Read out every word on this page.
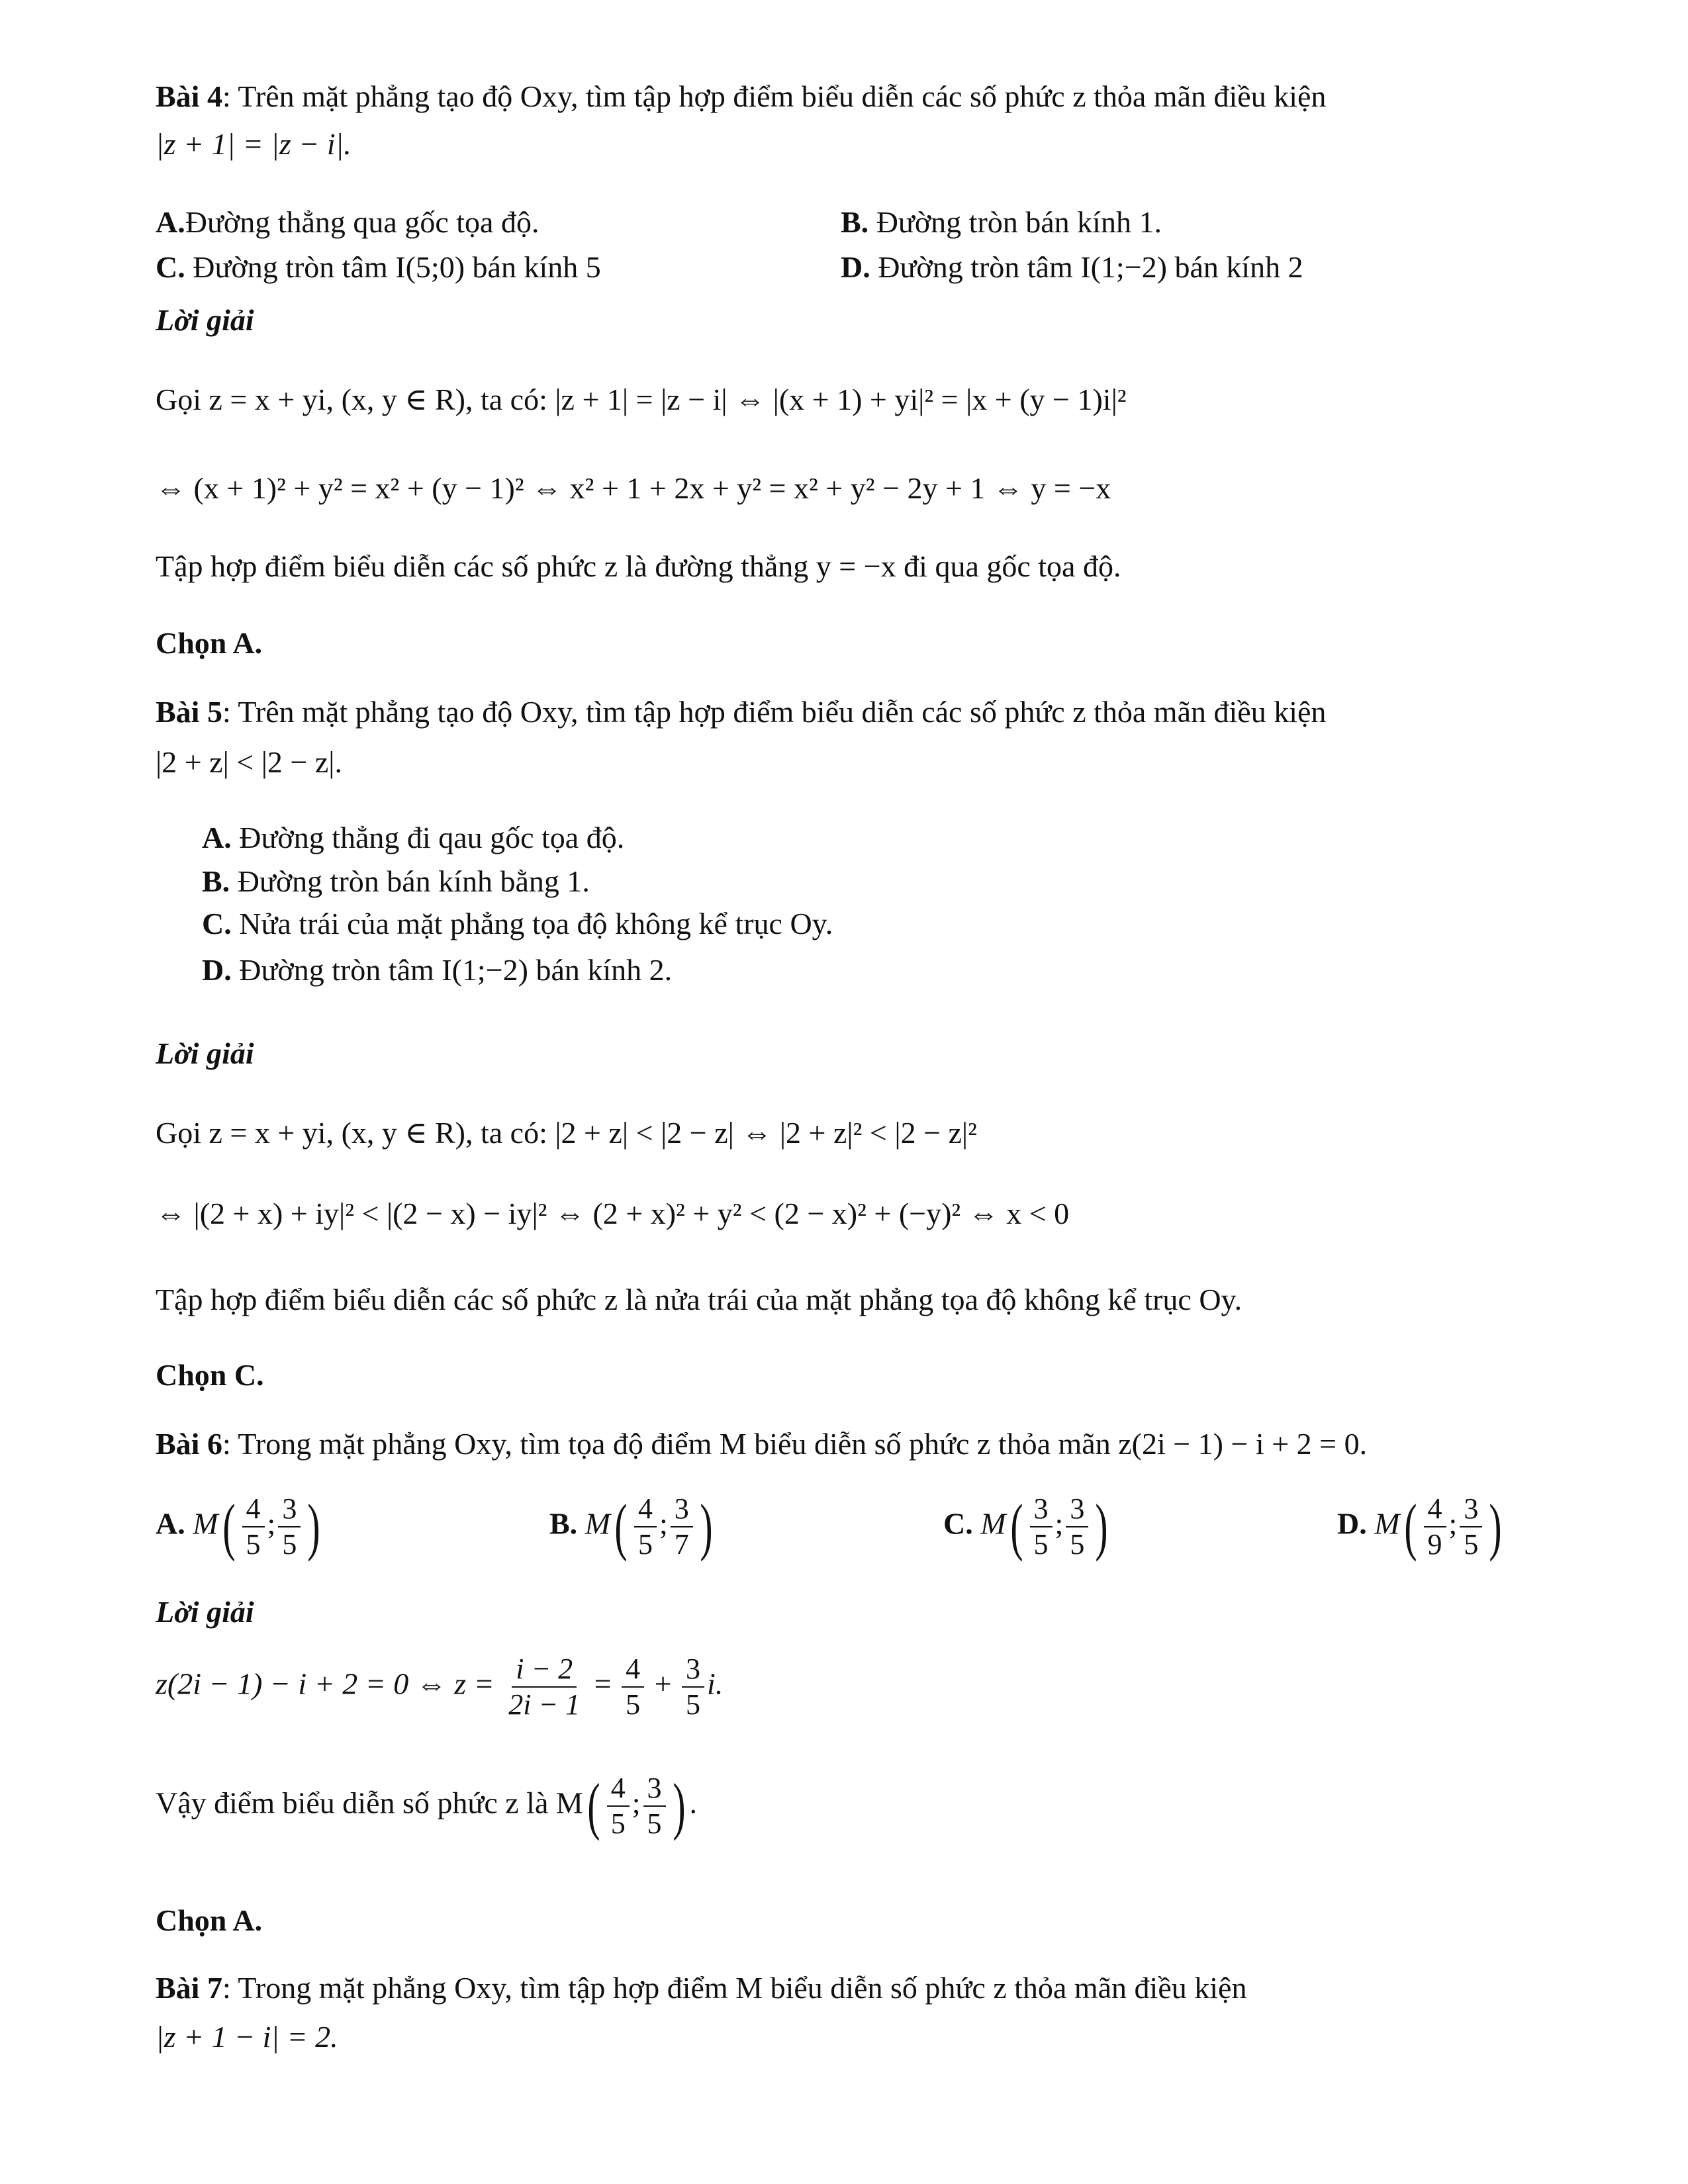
Bài 4: Trên mặt phẳng tạo độ Oxy, tìm tập hợp điểm biểu diễn các số phức z thỏa mãn điều kiện
|z + 1| = |z − i|.
A.Đường thẳng qua gốc tọa độ.	B. Đường tròn bán kính 1.
C. Đường tròn tâm I(5;0) bán kính 5	D. Đường tròn tâm I(1;−2) bán kính 2
Lời giải
Gọi z = x + yi, (x, y ∈ R), ta có: |z + 1| = |z − i| ⇔ |(x + 1) + yi|² = |x + (y − 1)i|²
⇔ (x + 1)² + y² = x² + (y − 1)² ⇔ x² + 1 + 2x + y² = x² + y² − 2y + 1 ⇔ y = −x
Tập hợp điểm biểu diễn các số phức z là đường thẳng y = −x đi qua gốc tọa độ.
Chọn A.
Bài 5: Trên mặt phẳng tạo độ Oxy, tìm tập hợp điểm biểu diễn các số phức z thỏa mãn điều kiện
|2 + z| < |2 − z|.
A. Đường thẳng đi qau gốc tọa độ.
B. Đường tròn bán kính bằng 1.
C. Nửa trái của mặt phẳng tọa độ không kể trục Oy.
D. Đường tròn tâm I(1;−2) bán kính 2.
Lời giải
Gọi z = x + yi, (x, y ∈ R), ta có: |2 + z| < |2 − z| ⇔ |2 + z|² < |2 − z|²
⇔ |(2 + x) + iy|² < |(2 − x) − iy|² ⇔ (2 + x)² + y² < (2 − x)² + (−y)² ⇔ x < 0
Tập hợp điểm biểu diễn các số phức z là nửa trái của mặt phẳng tọa độ không kể trục Oy.
Chọn C.
Bài 6: Trong mặt phẳng Oxy, tìm tọa độ điểm M biểu diễn số phức z thỏa mãn z(2i − 1) − i + 2 = 0.
A. $M( \frac{4}{5}$ ; $\frac{3}{5}$ )	B. $M( \frac{4}{5}$ ; $\frac{3}{7}$ )	C. $M( \frac{3}{5}$ ; $\frac{3}{5}$ )	D. $M( \frac{4}{9}$ ; $\frac{3}{5}$ )
Lời giải
z(2i − 1) − i + 2 = 0 ⇔ $z = \frac{i - 2}{2i - 1} = \frac{4}{5} + \frac{3}{5} i$.
Vậy điểm biểu diễn số phức z là $M( \frac{4}{5}$ ; $\frac{3}{5}$ ) .
Chọn A.
Bài 7: Trong mặt phẳng Oxy, tìm tập hợp điểm M biểu diễn số phức z thỏa mãn điều kiện
|z + 1 − i| = 2.
